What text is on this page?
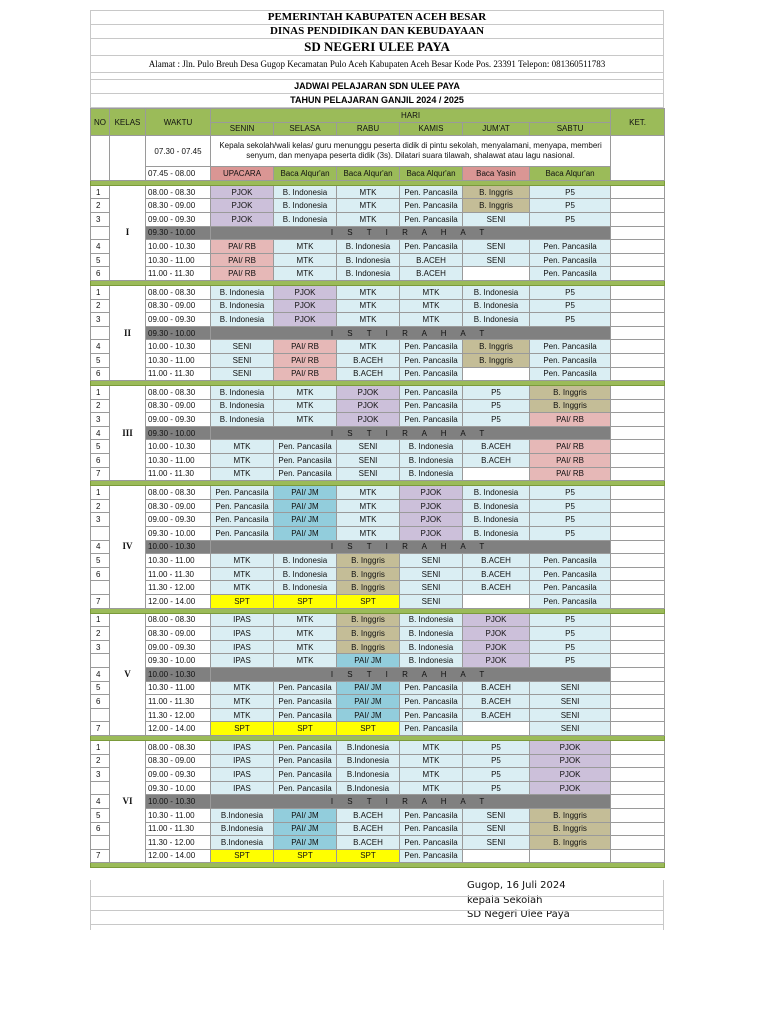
PEMERINTAH KABUPATEN ACEH BESAR
DINAS PENDIDIKAN DAN KEBUDAYAAN
SD NEGERI ULEE PAYA
Alamat : Jln. Pulo Breuh Desa Gugop Kecamatan Pulo Aceh Kabupaten Aceh Besar Kode Pos. 23391 Telepon: 081360511783
JADWAI PELAJARAN SDN ULEE PAYA
TAHUN PELAJARAN GANJIL 2024 / 2025
NO	KELAS	WAKTU	HARI						KET.
			SENIN	SELASA	RABU	KAMIS	JUM'AT	SABTU	
		07.30 - 07.45	Kepala sekolah/wali kelas/ guru menunggu peserta didik di pintu sekolah, menyalamani, menyapa, memberi senyum, dan menyapa peserta didik (3s). Dilatari suara tilawah, shalawat atau lagu nasional.						
		07.45 - 08.00	UPACARA	Baca Alqur'an	Baca Alqur'an	Baca Alqur'an	Baca Yasin	Baca Alqur'an	

1	I	08.00 - 08.30	PJOK	B. Indonesia	MTK	Pen. Pancasila	B. Inggris	P5	
2		08.30 - 09.00	PJOK	B. Indonesia	MTK	Pen. Pancasila	B. Inggris	P5	
3		09.00 - 09.30	PJOK	B. Indonesia	MTK	Pen. Pancasila	SENI	P5	
		09.30 - 10.00	I S T I R A H A T						
4		10.00 - 10.30	PAI/ RB	MTK	B. Indonesia	Pen. Pancasila	SENI	Pen. Pancasila	
5		10.30 - 11.00	PAI/ RB	MTK	B. Indonesia	B.ACEH	SENI	Pen. Pancasila	
6		11.00 - 11.30	PAI/ RB	MTK	B. Indonesia	B.ACEH		Pen. Pancasila	

1	II	08.00 - 08.30	B. Indonesia	PJOK	MTK	MTK	B. Indonesia	P5	
2		08.30 - 09.00	B. Indonesia	PJOK	MTK	MTK	B. Indonesia	P5	
3		09.00 - 09.30	B. Indonesia	PJOK	MTK	MTK	B. Indonesia	P5	
		09.30 - 10.00	I S T I R A H A T						
4		10.00 - 10.30	SENI	PAI/ RB	MTK	Pen. Pancasila	B. Inggris	Pen. Pancasila	
5		10.30 - 11.00	SENI	PAI/ RB	B.ACEH	Pen. Pancasila	B. Inggris	Pen. Pancasila	
6		11.00 - 11.30	SENI	PAI/ RB	B.ACEH	Pen. Pancasila		Pen. Pancasila	

1	III	08.00 - 08.30	B. Indonesia	MTK	PJOK	Pen. Pancasila	P5	B. Inggris	
2		08.30 - 09.00	B. Indonesia	MTK	PJOK	Pen. Pancasila	P5	B. Inggris	
3		09.00 - 09.30	B. Indonesia	MTK	PJOK	Pen. Pancasila	P5	PAI/ RB	
4		09.30 - 10.00	I S T I R A H A T						
5		10.00 - 10.30	MTK	Pen. Pancasila	SENI	B. Indonesia	B.ACEH	PAI/ RB	
6		10.30 - 11.00	MTK	Pen. Pancasila	SENI	B. Indonesia	B.ACEH	PAI/ RB	
7		11.00 - 11.30	MTK	Pen. Pancasila	SENI	B. Indonesia		PAI/ RB	

1	IV	08.00 - 08.30	Pen. Pancasila	PAI/ JM	MTK	PJOK	B. Indonesia	P5	
2		08.30 - 09.00	Pen. Pancasila	PAI/ JM	MTK	PJOK	B. Indonesia	P5	
3		09.00 - 09.30	Pen. Pancasila	PAI/ JM	MTK	PJOK	B. Indonesia	P5	
		09.30 - 10.00	Pen. Pancasila	PAI/ JM	MTK	PJOK	B. Indonesia	P5	
4		10.00 - 10.30	I S T I R A H A T						
5		10.30 - 11.00	MTK	B. Indonesia	B. Inggris	SENI	B.ACEH	Pen. Pancasila	
6		11.00 - 11.30	MTK	B. Indonesia	B. Inggris	SENI	B.ACEH	Pen. Pancasila	
		11.30 - 12.00	MTK	B. Indonesia	B. Inggris	SENI	B.ACEH	Pen. Pancasila	
7		12.00 - 14.00	SPT	SPT	SPT	SENI		Pen. Pancasila	

1	V	08.00 - 08.30	IPAS	MTK	B. Inggris	B. Indonesia	PJOK	P5	
2		08.30 - 09.00	IPAS	MTK	B. Inggris	B. Indonesia	PJOK	P5	
3		09.00 - 09.30	IPAS	MTK	B. Inggris	B. Indonesia	PJOK	P5	
		09.30 - 10.00	IPAS	MTK	PAI/ JM	B. Indonesia	PJOK	P5	
4		10.00 - 10.30	I S T I R A H A T						
5		10.30 - 11.00	MTK	Pen. Pancasila	PAI/ JM	Pen. Pancasila	B.ACEH	SENI	
6		11.00 - 11.30	MTK	Pen. Pancasila	PAI/ JM	Pen. Pancasila	B.ACEH	SENI	
		11.30 - 12.00	MTK	Pen. Pancasila	PAI/ JM	Pen. Pancasila	B.ACEH	SENI	
7		12.00 - 14.00	SPT	SPT	SPT	Pen. Pancasila		SENI	

1	VI	08.00 - 08.30	IPAS	Pen. Pancasila	B.Indonesia	MTK	P5	PJOK	
2		08.30 - 09.00	IPAS	Pen. Pancasila	B.Indonesia	MTK	P5	PJOK	
3		09.00 - 09.30	IPAS	Pen. Pancasila	B.Indonesia	MTK	P5	PJOK	
		09.30 - 10.00	IPAS	Pen. Pancasila	B.Indonesia	MTK	P5	PJOK	
4		10.00 - 10.30	I S T I R A H A T						
5		10.30 - 11.00	B.Indonesia	PAI/ JM	B.ACEH	Pen. Pancasila	SENI	B. Inggris	
6		11.00 - 11.30	B.Indonesia	PAI/ JM	B.ACEH	Pen. Pancasila	SENI	B. Inggris	
		11.30 - 12.00	B.Indonesia	PAI/ JM	B.ACEH	Pen. Pancasila	SENI	B. Inggris	
7		12.00 - 14.00	SPT	SPT	SPT	Pen. Pancasila			

Gugop, 16 Juli 2024
kepala Sekolah
SD Negeri Ulee Paya
